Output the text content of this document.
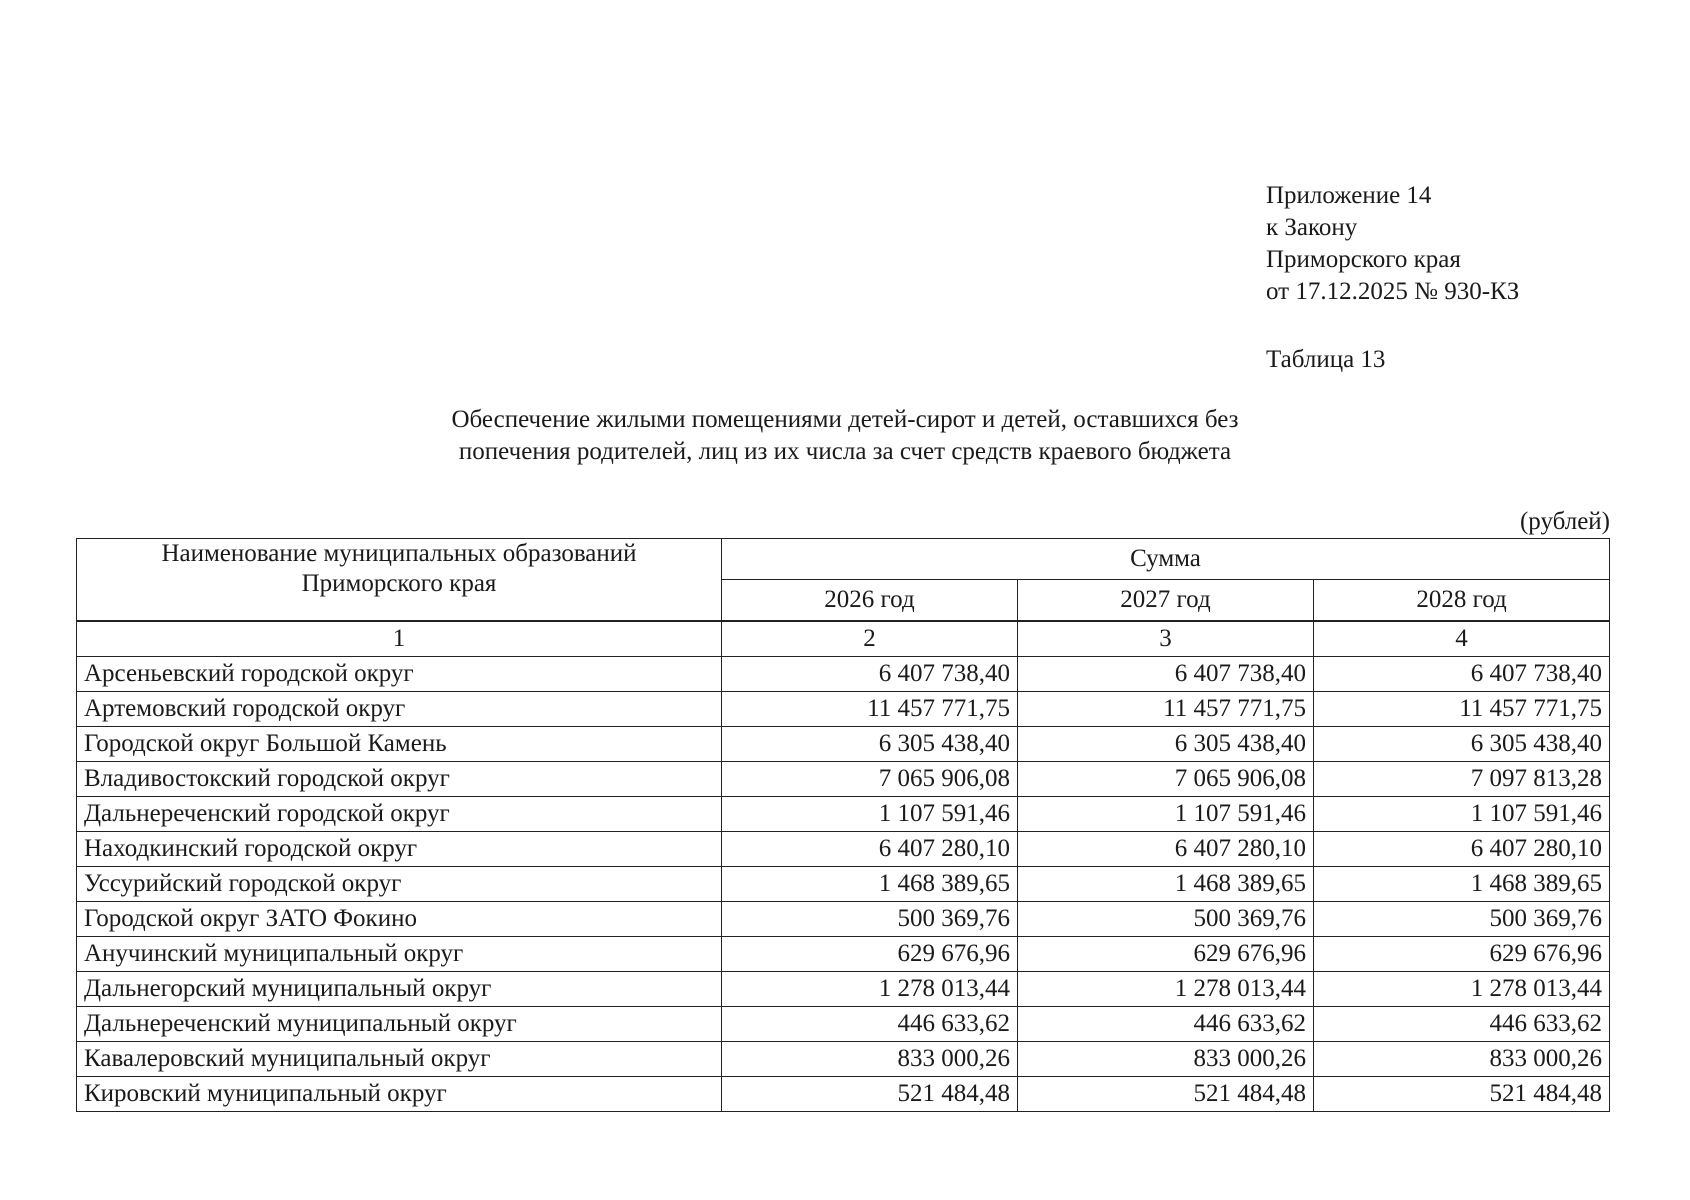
Приложение 14
к Закону
Приморского края
от 17.12.2025 № 930-КЗ
Таблица 13
Обеспечение жилыми помещениями детей-сирот и детей, оставшихся без
попечения родителей, лиц из их числа за счет средств краевого бюджета
(рублей)
Наименование муниципальных образований
Приморского края	Сумма		
	2026 год	2027 год	2028 год
1	2	3	4
Арсеньевский городской округ	6 407 738,40	6 407 738,40	6 407 738,40
Артемовский городской округ	11 457 771,75	11 457 771,75	11 457 771,75
Городской округ Большой Камень	6 305 438,40	6 305 438,40	6 305 438,40
Владивостокский городской округ	7 065 906,08	7 065 906,08	7 097 813,28
Дальнереченский городской округ	1 107 591,46	1 107 591,46	1 107 591,46
Находкинский городской округ	6 407 280,10	6 407 280,10	6 407 280,10
Уссурийский городской округ	1 468 389,65	1 468 389,65	1 468 389,65
Городской округ ЗАТО Фокино	500 369,76	500 369,76	500 369,76
Анучинский муниципальный округ	629 676,96	629 676,96	629 676,96
Дальнегорский муниципальный округ	1 278 013,44	1 278 013,44	1 278 013,44
Дальнереченский муниципальный округ	446 633,62	446 633,62	446 633,62
Кавалеровский муниципальный округ	833 000,26	833 000,26	833 000,26
Кировский муниципальный округ	521 484,48	521 484,48	521 484,48
